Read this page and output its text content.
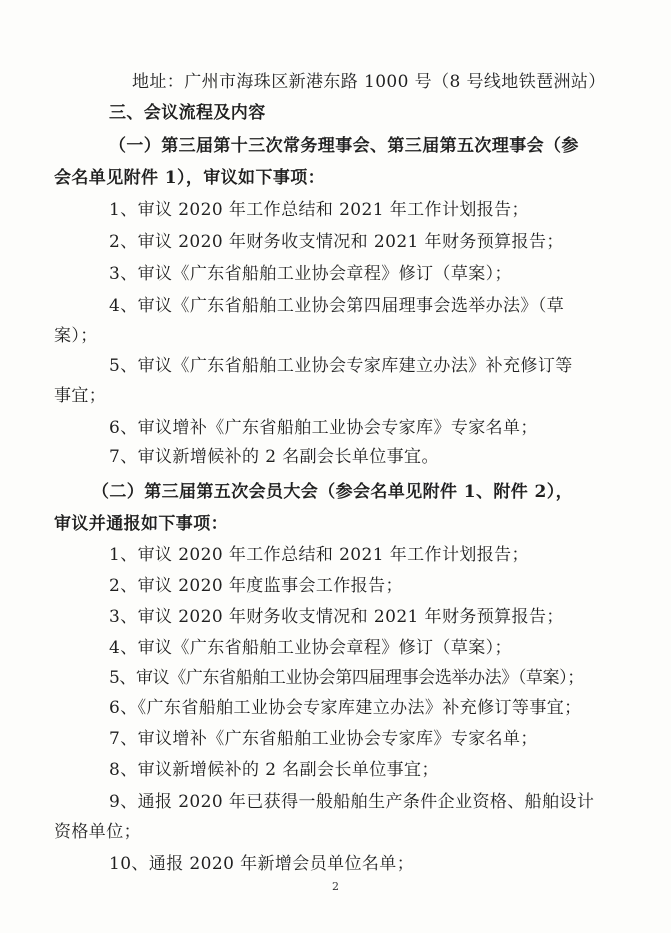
地址：广州市海珠区新港东路 1000 号（8 号线地铁琶洲站）
三、会议流程及内容
（一）第三届第十三次常务理事会、第三届第五次理事会（参
会名单见附件 1），审议如下事项：
1、审议 2020 年工作总结和 2021 年工作计划报告；
2、审议 2020 年财务收支情况和 2021 年财务预算报告；
3、审议《广东省船舶工业协会章程》修订（草案）；
4、审议《广东省船舶工业协会第四届理事会选举办法》（草
案）；
5、审议《广东省船舶工业协会专家库建立办法》补充修订等
事宜；
6、审议增补《广东省船舶工业协会专家库》专家名单；
7、审议新增候补的 2 名副会长单位事宜。
（二）第三届第五次会员大会（参会名单见附件 1、附件 2），
审议并通报如下事项：
1、审议 2020 年工作总结和 2021 年工作计划报告；
2、审议 2020 年度监事会工作报告；
3、审议 2020 年财务收支情况和 2021 年财务预算报告；
4、审议《广东省船舶工业协会章程》修订（草案）；
5、审议《广东省船舶工业协会第四届理事会选举办法》（草案）；
6、《广东省船舶工业协会专家库建立办法》补充修订等事宜；
7、审议增补《广东省船舶工业协会专家库》专家名单；
8、审议新增候补的 2 名副会长单位事宜；
9、通报 2020 年已获得一般船舶生产条件企业资格、船舶设计
资格单位；
10、通报 2020 年新增会员单位名单；
2
